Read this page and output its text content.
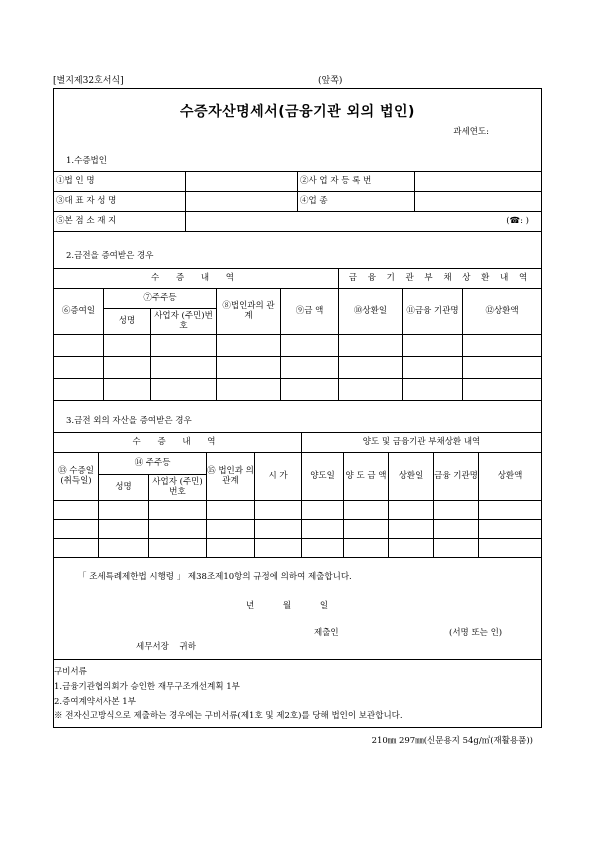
[별지제32호서식]	(앞쪽)
수증자산명세서(금융기관 외의 법인)
과세연도:
1.수증법인
①법 인 명		②사 업 자 등 록 번	
③대 표 자 성 명		④업 종	
⑤본 점 소 재 지	(☎: )		
2.금전을 증여받은 경우
수 증 내 역					금 융 기 관 부 채 상 환 내 역		
⑥증여일	⑦주주등		⑧법인과의 관 계	⑨금 액	⑩상환일	⑪금융 기관명	⑫상환액
	성명	사업자 (주민)번호					

3.금전 외의 자산을 증여받은 경우
수 증 내 역					양도 및 금융기관 부채상환 내역				
⑬ 수증일 (취득일)	⑭ 주주등		⑮ 법인과 의관계	시 가	양도일	양 도 금 액	상환일	금융 기관명	상환액
	성명	사업자 (주민)번호							

「 조세특례제한법 시행령 」 제38조제10항의 규정에 의하여 제출합니다.
년 월 일
제출인	(서명 또는 인)
세무서장 귀하
구비서류
1.금융기관협의회가 승인한 재무구조개선계획 1부
2.증여계약서사본 1부
※ 전자신고방식으로 제출하는 경우에는 구비서류(제1호 및 제2호)를 당해 법인이 보관합니다.
210㎜ 297㎜(신문용지 54g/㎡(재활용품))
